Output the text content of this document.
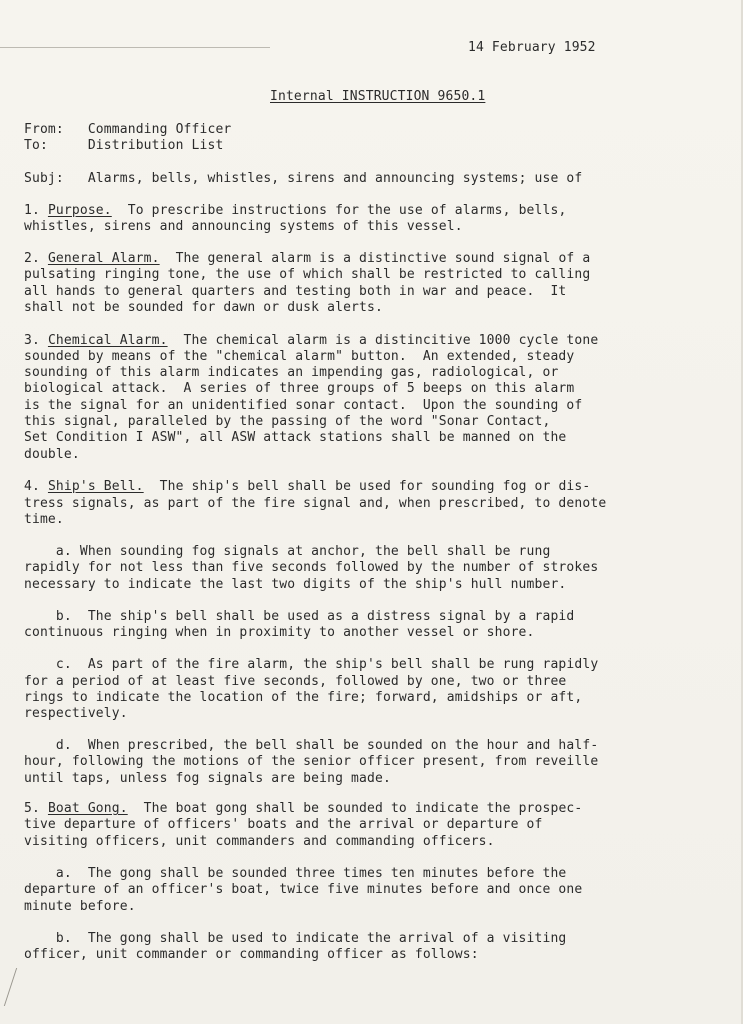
14 February 1952
Internal INSTRUCTION 9650.1
From: Commanding Officer
To:	Distribution List
Subj: Alarms, bells, whistles, sirens and announcing systems; use of
1. Purpose.  To prescribe instructions for the use of alarms, bells,
whistles, sirens and announcing systems of this vessel.
2. General Alarm.  The general alarm is a distinctive sound signal of a
pulsating ringing tone, the use of which shall be restricted to calling
all hands to general quarters and testing both in war and peace.  It
shall not be sounded for dawn or dusk alerts.
3. Chemical Alarm.  The chemical alarm is a distincitive 1000 cycle tone
sounded by means of the "chemical alarm" button.  An extended, steady
sounding of this alarm indicates an impending gas, radiological, or
biological attack.  A series of three groups of 5 beeps on this alarm
is the signal for an unidentified sonar contact.  Upon the sounding of
this signal, paralleled by the passing of the word "Sonar Contact,
Set Condition I ASW", all ASW attack stations shall be manned on the
double.
4. Ship's Bell.  The ship's bell shall be used for sounding fog or dis-
tress signals, as part of the fire signal and, when prescribed, to denote
time.
a. When sounding fog signals at anchor, the bell shall be rung
rapidly for not less than five seconds followed by the number of strokes
necessary to indicate the last two digits of the ship's hull number.
b.  The ship's bell shall be used as a distress signal by a rapid
continuous ringing when in proximity to another vessel or shore.
c.  As part of the fire alarm, the ship's bell shall be rung rapidly
for a period of at least five seconds, followed by one, two or three
rings to indicate the location of the fire; forward, amidships or aft,
respectively.
d.  When prescribed, the bell shall be sounded on the hour and half-
hour, following the motions of the senior officer present, from reveille
until taps, unless fog signals are being made.
5. Boat Gong.  The boat gong shall be sounded to indicate the prospec-
tive departure of officers' boats and the arrival or departure of
visiting officers, unit commanders and commanding officers.
a.  The gong shall be sounded three times ten minutes before the
departure of an officer's boat, twice five minutes before and once one
minute before.
b.  The gong shall be used to indicate the arrival of a visiting
officer, unit commander or commanding officer as follows:
